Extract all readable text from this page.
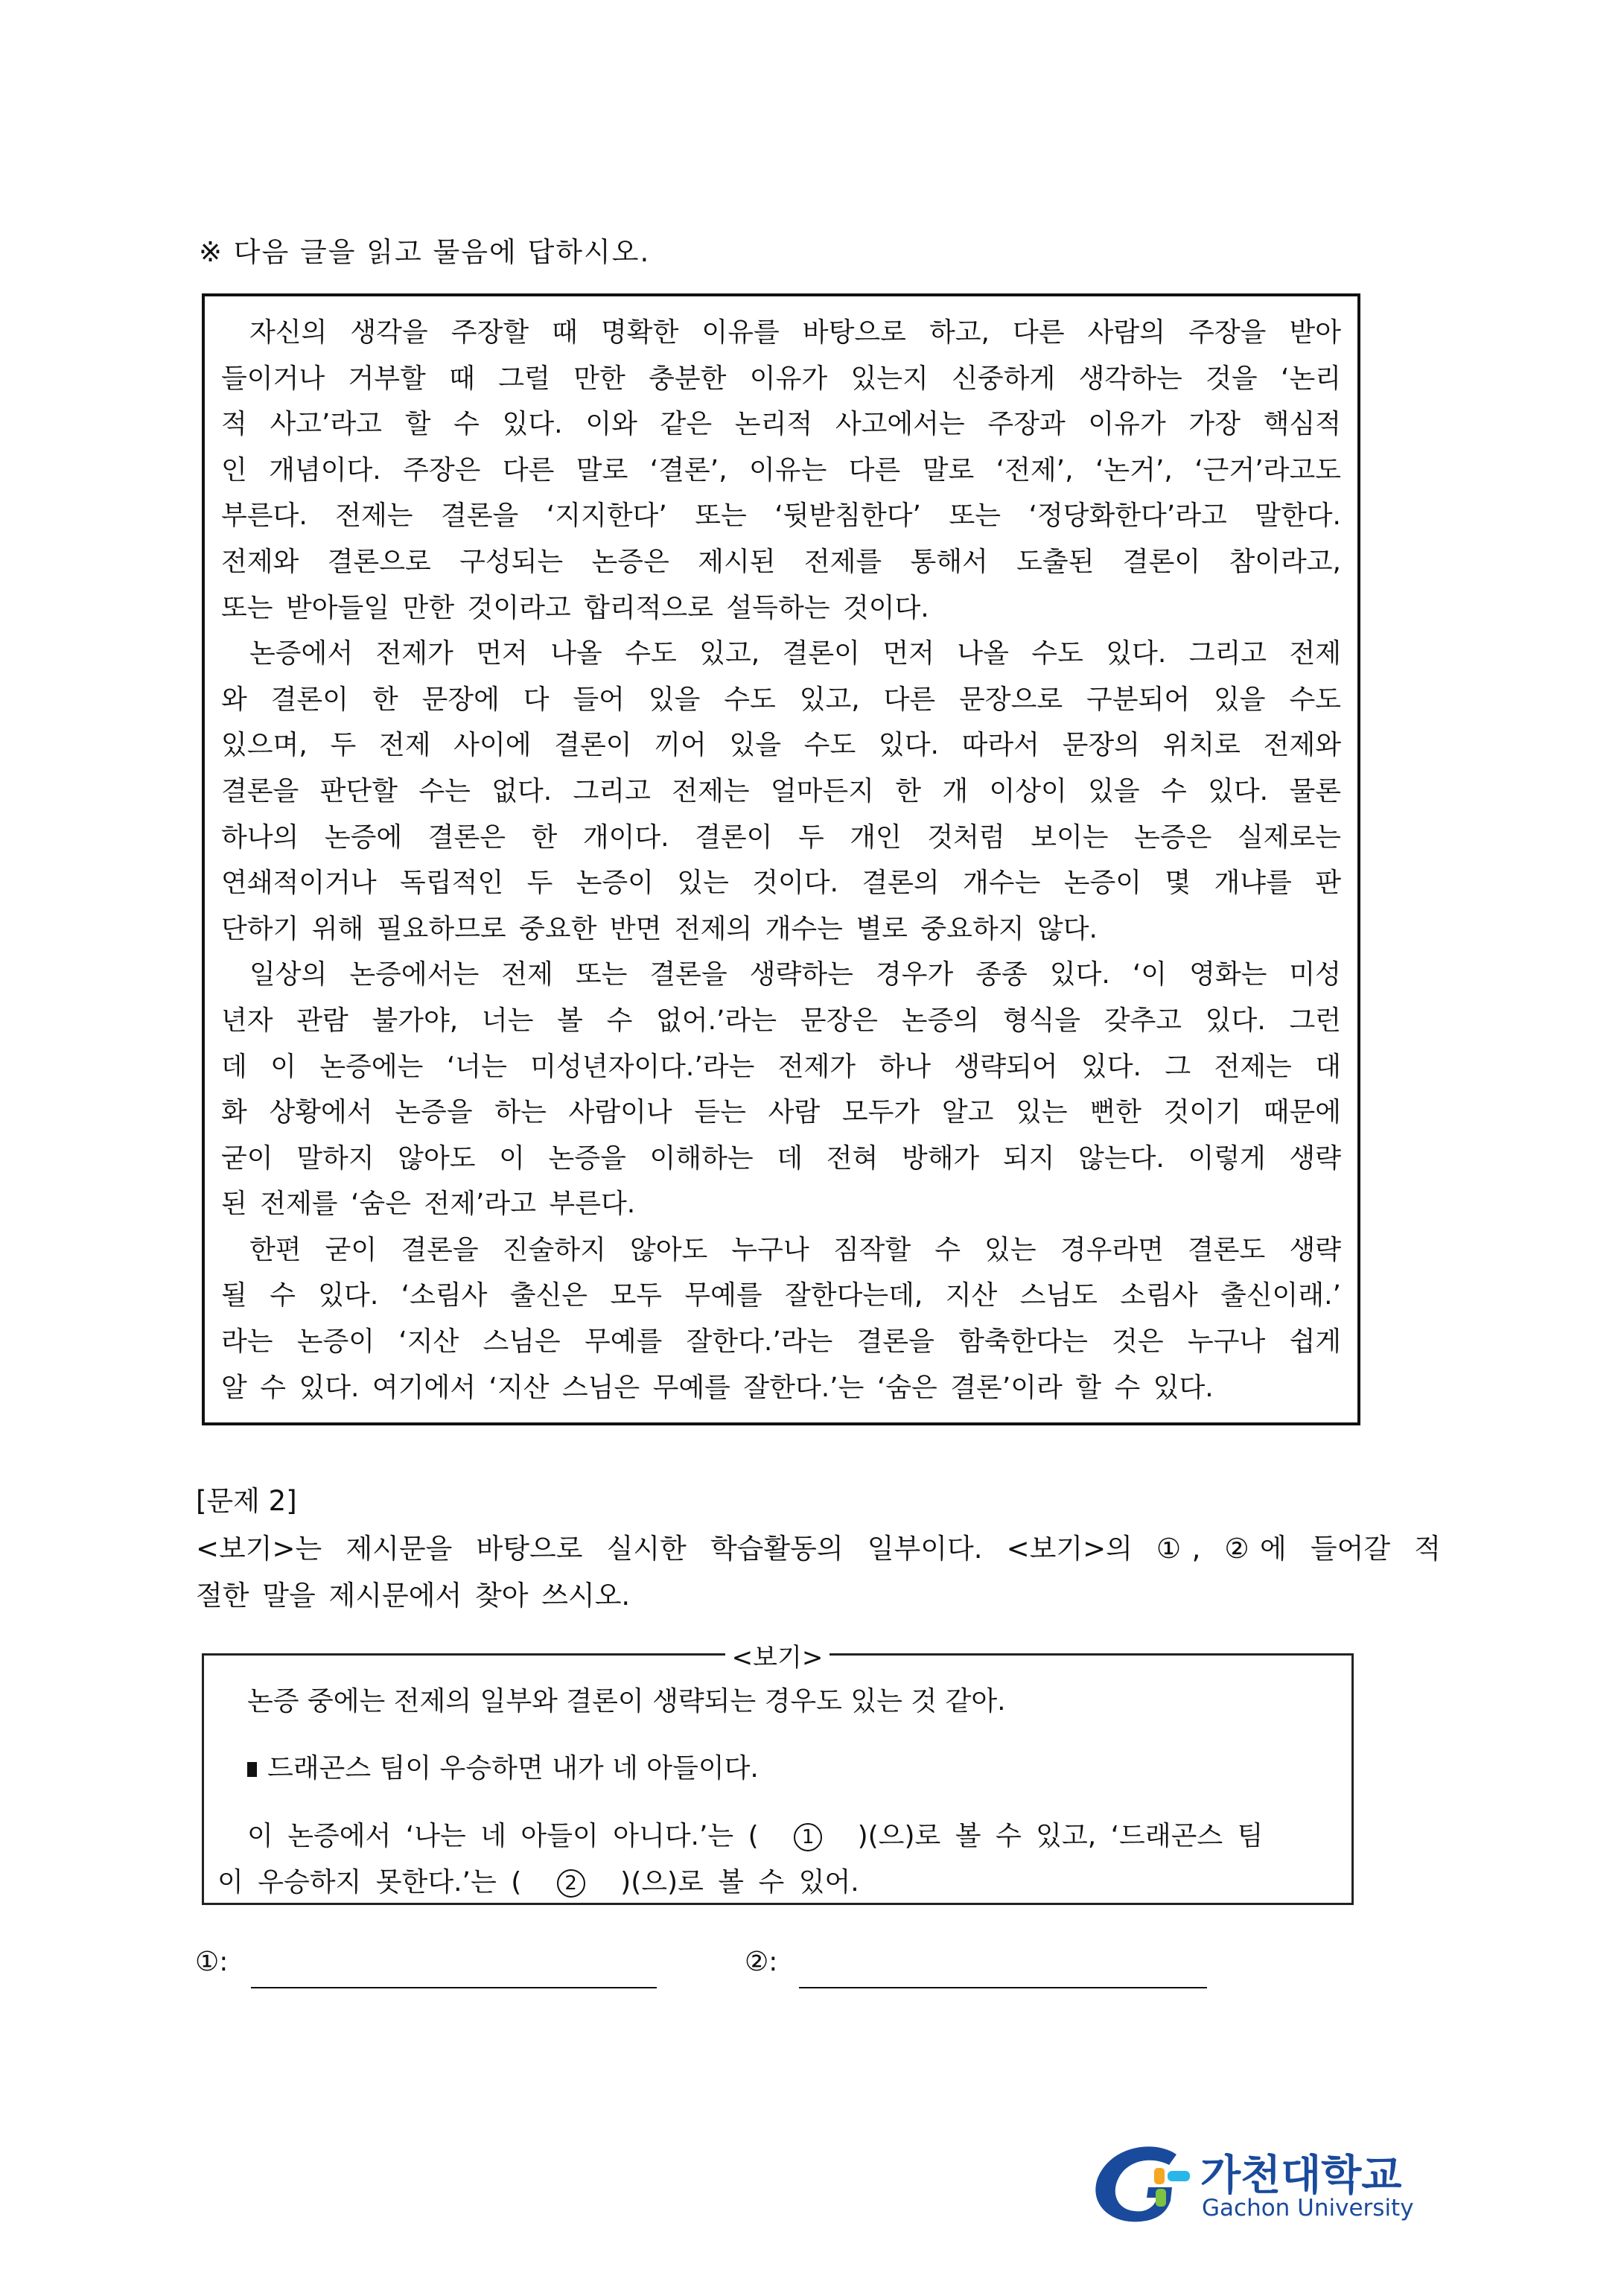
※ 다음 글을 읽고 물음에 답하시오.
자신의 생각을 주장할 때 명확한 이유를 바탕으로 하고, 다른 사람의 주장을 받아
들이거나 거부할 때 그럴 만한 충분한 이유가 있는지 신중하게 생각하는 것을 ‘논리
적 사고’라고 할 수 있다. 이와 같은 논리적 사고에서는 주장과 이유가 가장 핵심적
인 개념이다. 주장은 다른 말로 ‘결론’, 이유는 다른 말로 ‘전제’, ‘논거’, ‘근거’라고도
부른다. 전제는 결론을 ‘지지한다’ 또는 ‘뒷받침한다’ 또는 ‘정당화한다’라고 말한다.
전제와 결론으로 구성되는 논증은 제시된 전제를 통해서 도출된 결론이 참이라고,
또는 받아들일 만한 것이라고 합리적으로 설득하는 것이다.
논증에서 전제가 먼저 나올 수도 있고, 결론이 먼저 나올 수도 있다. 그리고 전제
와 결론이 한 문장에 다 들어 있을 수도 있고, 다른 문장으로 구분되어 있을 수도
있으며, 두 전제 사이에 결론이 끼어 있을 수도 있다. 따라서 문장의 위치로 전제와
결론을 판단할 수는 없다. 그리고 전제는 얼마든지 한 개 이상이 있을 수 있다. 물론
하나의 논증에 결론은 한 개이다. 결론이 두 개인 것처럼 보이는 논증은 실제로는
연쇄적이거나 독립적인 두 논증이 있는 것이다. 결론의 개수는 논증이 몇 개냐를 판
단하기 위해 필요하므로 중요한 반면 전제의 개수는 별로 중요하지 않다.
일상의 논증에서는 전제 또는 결론을 생략하는 경우가 종종 있다. ‘이 영화는 미성
년자 관람 불가야, 너는 볼 수 없어.’라는 문장은 논증의 형식을 갖추고 있다. 그런
데 이 논증에는 ‘너는 미성년자이다.’라는 전제가 하나 생략되어 있다. 그 전제는 대
화 상황에서 논증을 하는 사람이나 듣는 사람 모두가 알고 있는 뻔한 것이기 때문에
굳이 말하지 않아도 이 논증을 이해하는 데 전혀 방해가 되지 않는다. 이렇게 생략
된 전제를 ‘숨은 전제’라고 부른다.
한편 굳이 결론을 진술하지 않아도 누구나 짐작할 수 있는 경우라면 결론도 생략
될 수 있다. ‘소림사 출신은 모두 무예를 잘한다는데, 지산 스님도 소림사 출신이래.’
라는 논증이 ‘지산 스님은 무예를 잘한다.’라는 결론을 함축한다는 것은 누구나 쉽게
알 수 있다. 여기에서 ‘지산 스님은 무예를 잘한다.’는 ‘숨은 결론’이라 할 수 있다.
[문제 2]
<보기>는 제시문을 바탕으로 실시한 학습활동의 일부이다. <보기>의 ①, ②에 들어갈 적
절한 말을 제시문에서 찾아 쓰시오.
<보기>
논증 중에는 전제의 일부와 결론이 생략되는 경우도 있는 것 같아.
드래곤스 팀이 우승하면 내가 네 아들이다.
이 논증에서 ‘나는 네 아들이 아니다.’는 ( 1 )(으)로 볼 수 있고, ‘드래곤스 팀
이 우승하지 못한다.’는 ( 2 )(으)로 볼 수 있어.
①:	②:
가천대학교
Gachon University
